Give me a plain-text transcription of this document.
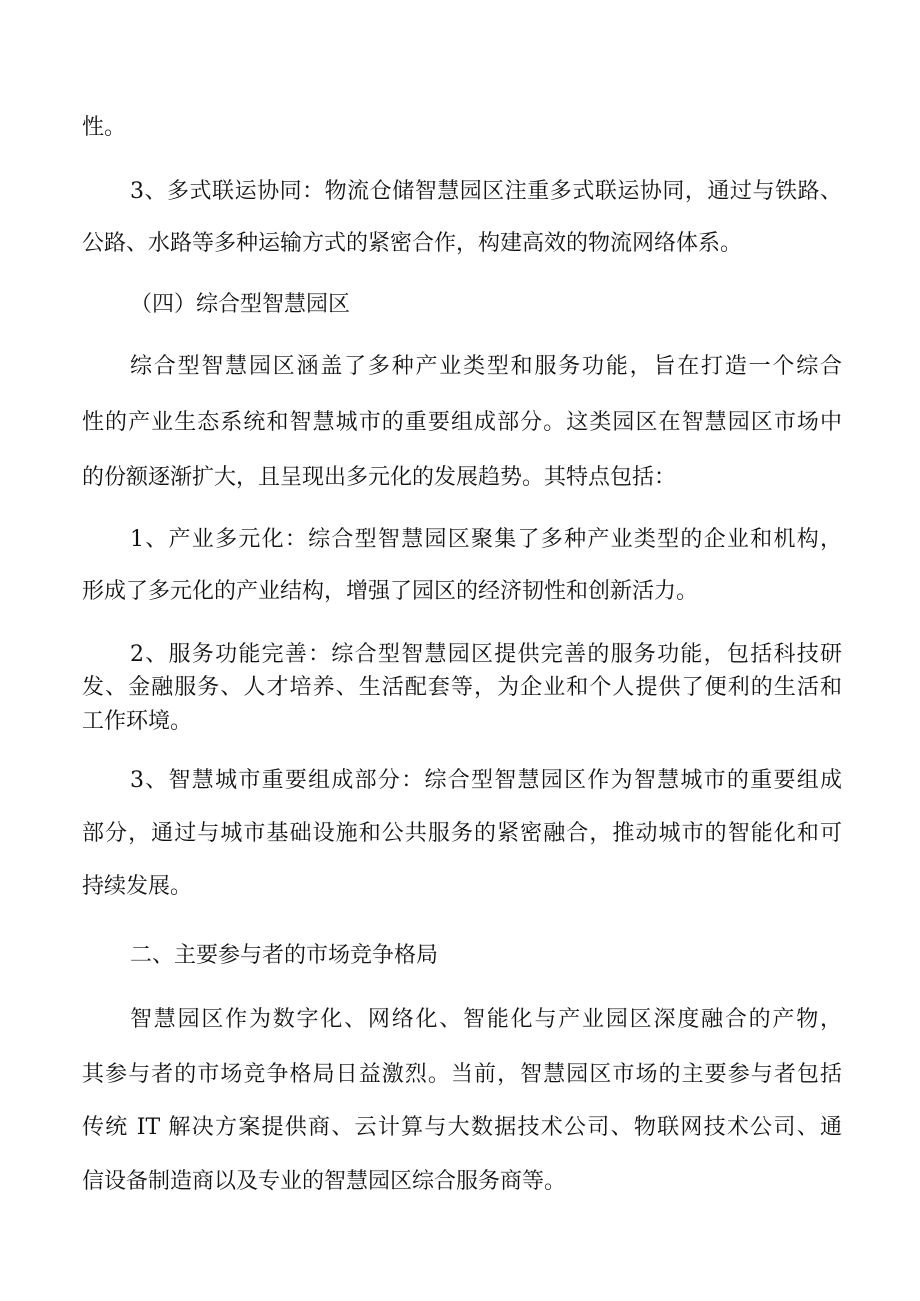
性。
3、多式联运协同：物流仓储智慧园区注重多式联运协同，通过与铁路、
公路、水路等多种运输方式的紧密合作，构建高效的物流网络体系。
（四）综合型智慧园区
综合型智慧园区涵盖了多种产业类型和服务功能，旨在打造一个综合
性的产业生态系统和智慧城市的重要组成部分。这类园区在智慧园区市场中
的份额逐渐扩大，且呈现出多元化的发展趋势。其特点包括：
1、产业多元化：综合型智慧园区聚集了多种产业类型的企业和机构，
形成了多元化的产业结构，增强了园区的经济韧性和创新活力。
2、服务功能完善：综合型智慧园区提供完善的服务功能，包括科技研
发、金融服务、人才培养、生活配套等，为企业和个人提供了便利的生活和
工作环境。
3、智慧城市重要组成部分：综合型智慧园区作为智慧城市的重要组成
部分，通过与城市基础设施和公共服务的紧密融合，推动城市的智能化和可
持续发展。
二、主要参与者的市场竞争格局
智慧园区作为数字化、网络化、智能化与产业园区深度融合的产物，
其参与者的市场竞争格局日益激烈。当前，智慧园区市场的主要参与者包括
传统 IT 解决方案提供商、云计算与大数据技术公司、物联网技术公司、通
信设备制造商以及专业的智慧园区综合服务商等。
